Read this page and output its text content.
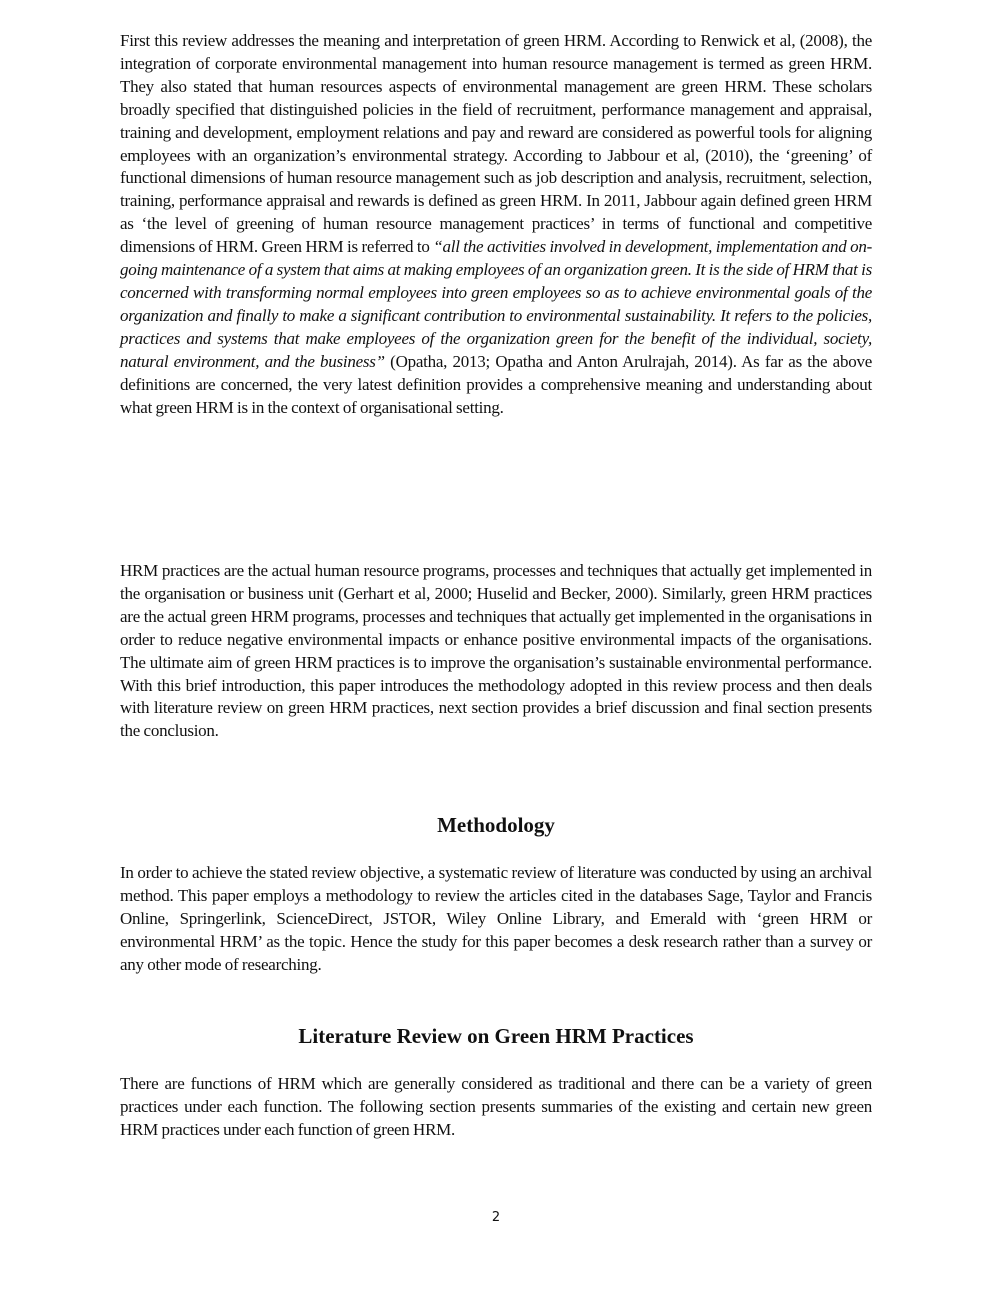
First this review addresses the meaning and interpretation of green HRM. According to Renwick et al, (2008), the integration of corporate environmental management into human resource management is termed as green HRM. They also stated that human resources aspects of environmental management are green HRM. These scholars broadly specified that distinguished policies in the field of recruitment, performance management and appraisal, training and development, employment relations and pay and reward are considered as powerful tools for aligning employees with an organization’s environmental strategy. According to Jabbour et al, (2010), the ‘greening’ of functional dimensions of human resource management such as job description and analysis, recruitment, selection, training, performance appraisal and rewards is defined as green HRM. In 2011, Jabbour again defined green HRM as ‘the level of greening of human resource management practices’ in terms of functional and competitive dimensions of HRM. Green HRM is referred to “all the activities involved in development, implementation and on-going maintenance of a system that aims at making employees of an organization green. It is the side of HRM that is concerned with transforming normal employees into green employees so as to achieve environmental goals of the organization and finally to make a significant contribution to environmental sustainability. It refers to the policies, practices and systems that make employees of the organization green for the benefit of the individual, society, natural environment, and the business” (Opatha, 2013; Opatha and Anton Arulrajah, 2014). As far as the above definitions are concerned, the very latest definition provides a comprehensive meaning and understanding about what green HRM is in the context of organisational setting.

HRM practices are the actual human resource programs, processes and techniques that actually get implemented in the organisation or business unit (Gerhart et al, 2000; Huselid and Becker, 2000). Similarly, green HRM practices are the actual green HRM programs, processes and techniques that actually get implemented in the organisations in order to reduce negative environmental impacts or enhance positive environmental impacts of the organisations. The ultimate aim of green HRM practices is to improve the organisation’s sustainable environmental performance. With this brief introduction, this paper introduces the methodology adopted in this review process and then deals with literature review on green HRM practices, next section provides a brief discussion and final section presents the conclusion.

Methodology

In order to achieve the stated review objective, a systematic review of literature was conducted by using an archival method. This paper employs a methodology to review the articles cited in the databases Sage, Taylor and Francis Online, Springerlink, ScienceDirect, JSTOR, Wiley Online Library, and Emerald with ‘green HRM or environmental HRM’ as the topic. Hence the study for this paper becomes a desk research rather than a survey or any other mode of researching.

Literature Review on Green HRM Practices

There are functions of HRM which are generally considered as traditional and there can be a variety of green practices under each function. The following section presents summaries of the existing and certain new green HRM practices under each function of green HRM.

2
